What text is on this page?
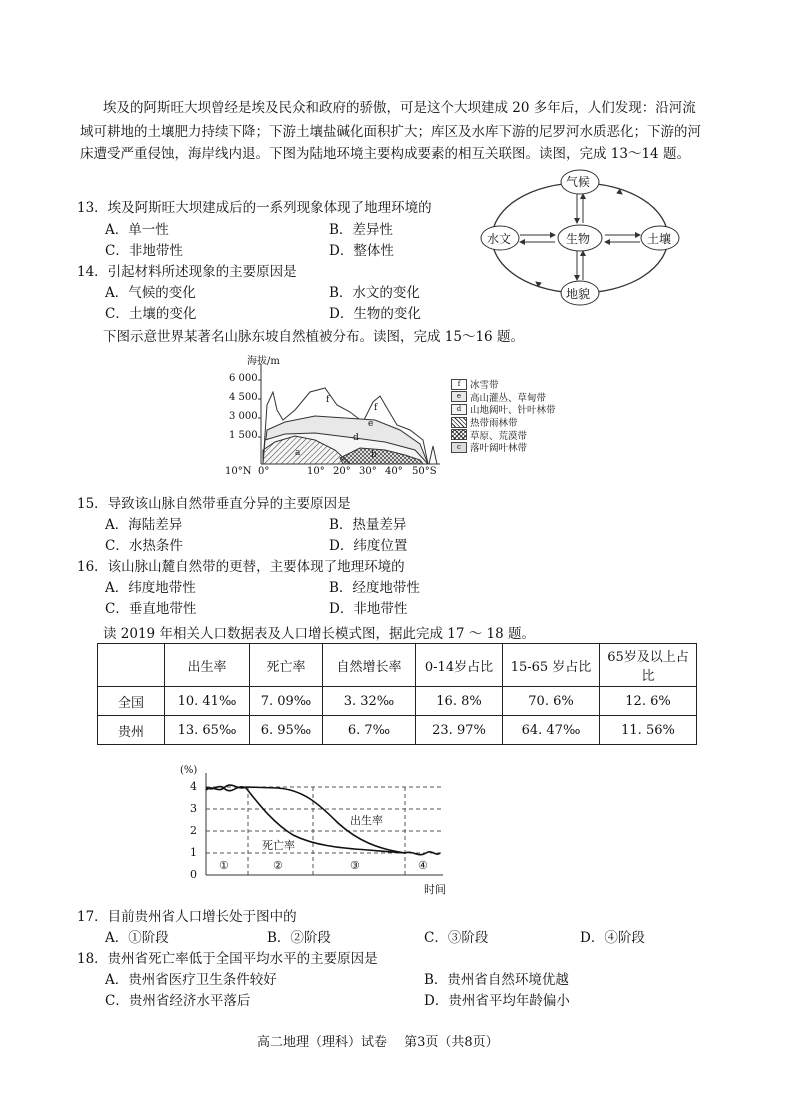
埃及的阿斯旺大坝曾经是埃及民众和政府的骄傲，可是这个大坝建成 20 多年后，人们发现：沿河流
域可耕地的土壤肥力持续下降；下游土壤盐碱化面积扩大；库区及水库下游的尼罗河水质恶化；下游的河
床遭受严重侵蚀，海岸线内退。下图为陆地环境主要构成要素的相互关联图。读图，完成 13～14 题。
13．埃及阿斯旺大坝建成后的一系列现象体现了地理环境的
A．单一性	B．差异性
C．非地带性	D．整体性
14．引起材料所述现象的主要原因是
A．气候的变化	B．水文的变化
C．土壤的变化	D．生物的变化
气候
水文	生物	土壤
地貌
下图示意世界某著名山脉东坡自然植被分布。读图，完成 15～16 题。
海拔/m
6 000
4 500
3 000
1 500
f
f
e
d
a	b
10°N 0°	10° 20° 30° 40° 50°S
f	冰雪带
e 高山灌丛、草甸带
d 山地阔叶、针叶林带
热带雨林带
草原、荒漠带
c 落叶阔叶林带
15．导致该山脉自然带垂直分异的主要原因是
A．海陆差异	B．热量差异
C．水热条件	D．纬度位置
16．该山脉山麓自然带的更替，主要体现了地理环境的
A．纬度地带性	B．经度地带性
C．垂直地带性	D．非地带性
读 2019 年相关人口数据表及人口增长模式图，据此完成 17 ～ 18 题。
	出生率	死亡率	自然增长率	0-14岁占比	15-65 岁占比	65岁及以上占比
全国	10. 41‰	7. 09‰	3. 32‰	16. 8%	70. 6%	12. 6%
贵州	13. 65‰	6. 95‰	6. 7‰	23. 97%	64. 47‰	11. 56%
(%)
4
3
2
1
0
出生率
死亡率
①	②	③	④
时间
17．目前贵州省人口增长处于图中的
A．①阶段	B．②阶段	C．③阶段	D．④阶段
18．贵州省死亡率低于全国平均水平的主要原因是
A．贵州省医疗卫生条件较好	B．贵州省自然环境优越
C．贵州省经济水平落后	D．贵州省平均年龄偏小
高二地理（理科）试卷　 第3页（共8页）
